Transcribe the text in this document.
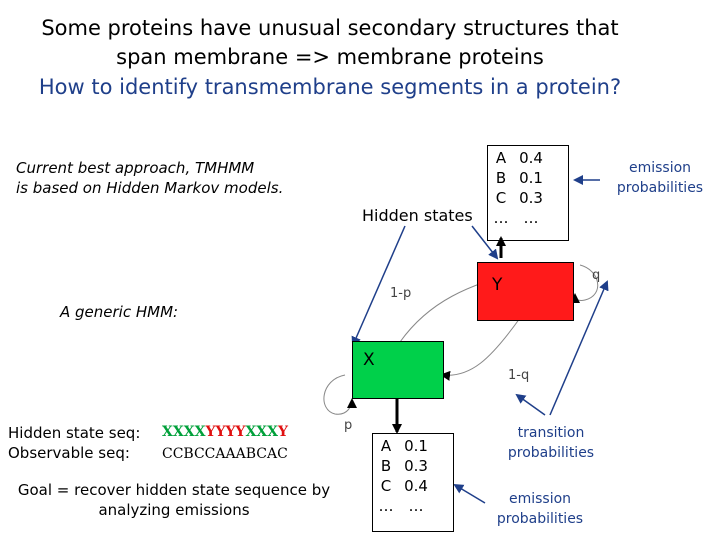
Some proteins have unusual secondary structures that
span membrane => membrane proteins
How to identify transmembrane segments in a protein?
Current best approach, TMHMM
is based on Hidden Markov models.
Hidden states
A generic HMM:
1-p
1-q
p
q
X
Y
A 0.4
B 0.1
C 0.3
…	…
A 0.1
B 0.3
C 0.4
…	…
emission probabilities
transition probabilities
emission probabilities
Hidden state seq: XXXXYYYYXXXY
Observable seq: CCBCCAAABCAC
Goal = recover hidden state sequence by
analyzing emissions
